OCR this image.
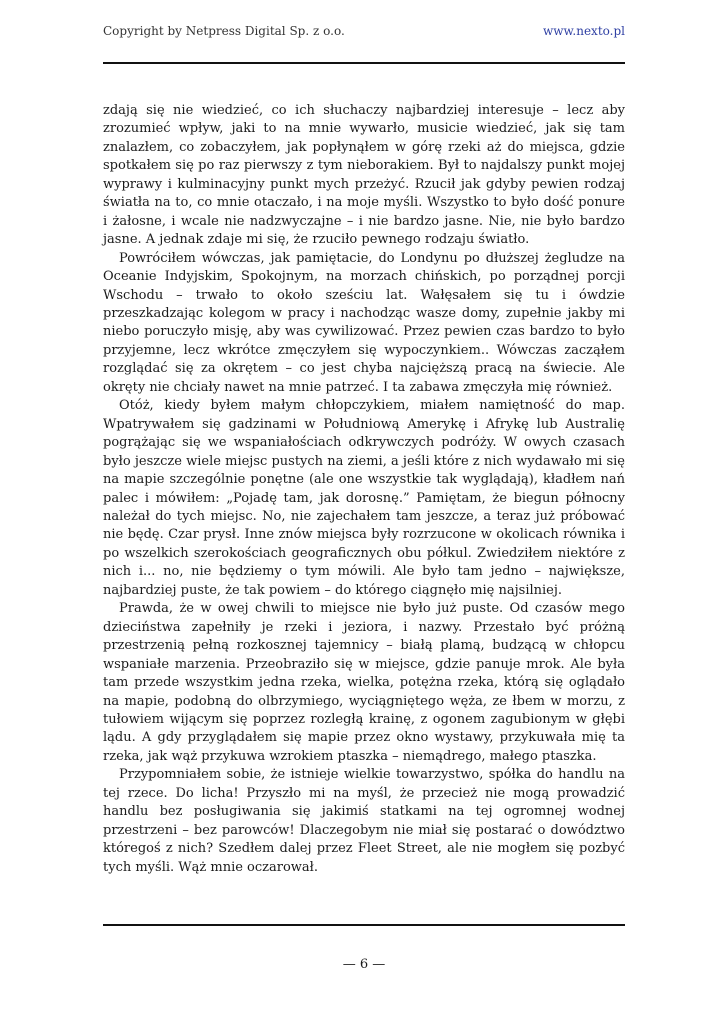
Copyright by Netpress Digital Sp. z o.o.	www.nexto.pl

zdają się nie wiedzieć, co ich słuchaczy najbardziej interesuje – lecz aby zrozumieć wpływ, jaki to na mnie wywarło, musicie wiedzieć, jak się tam znalazłem, co zobaczyłem, jak popłynąłem w górę rzeki aż do miejsca, gdzie spotkałem się po raz pierwszy z tym nieborakiem. Był to najdalszy punkt mojej wyprawy i kulminacyjny punkt mych przeżyć. Rzucił jak gdyby pewien rodzaj światła na to, co mnie otaczało, i na moje myśli. Wszystko to było dość ponure i żałosne, i wcale nie nadzwyczajne – i nie bardzo jasne. Nie, nie było bardzo jasne. A jednak zdaje mi się, że rzuciło pewnego rodzaju światło.

Powróciłem wówczas, jak pamiętacie, do Londynu po dłuższej żegludze na Oceanie Indyjskim, Spokojnym, na morzach chińskich, po porządnej porcji Wschodu – trwało to około sześciu lat. Wałęsałem się tu i ówdzie przeszkadzając kolegom w pracy i nachodząc wasze domy, zupełnie jakby mi niebo poruczyło misję, aby was cywilizować. Przez pewien czas bardzo to było przyjemne, lecz wkrótce zmęczyłem się wypoczynkiem.. Wówczas zacząłem rozglądać się za okrętem – co jest chyba najcięższą pracą na świecie. Ale okręty nie chciały nawet na mnie patrzeć. I ta zabawa zmęczyła mię również.

Otóż, kiedy byłem małym chłopczykiem, miałem namiętność do map. Wpatrywałem się gadzinami w Południową Amerykę i Afrykę lub Australię pogrążając się we wspaniałościach odkrywczych podróży. W owych czasach było jeszcze wiele miejsc pustych na ziemi, a jeśli które z nich wydawało mi się na mapie szczególnie ponętne (ale one wszystkie tak wyglądają), kładłem nań palec i mówiłem: „Pojadę tam, jak dorosnę.” Pamiętam, że biegun północny należał do tych miejsc. No, nie zajechałem tam jeszcze, a teraz już próbować nie będę. Czar prysł. Inne znów miejsca były rozrzucone w okolicach równika i po wszelkich szerokościach geograficznych obu półkul. Zwiedziłem niektóre z nich i... no, nie będziemy o tym mówili. Ale było tam jedno – największe, najbardziej puste, że tak powiem – do którego ciągnęło mię najsilniej.

Prawda, że w owej chwili to miejsce nie było już puste. Od czasów mego dzieciństwa zapełniły je rzeki i jeziora, i nazwy. Przestało być próżną przestrzenią pełną rozkosznej tajemnicy – białą plamą, budzącą w chłopcu wspaniałe marzenia. Przeobraziło się w miejsce, gdzie panuje mrok. Ale była tam przede wszystkim jedna rzeka, wielka, potężna rzeka, którą się oglądało na mapie, podobną do olbrzymiego, wyciągniętego węża, ze łbem w morzu, z tułowiem wijącym się poprzez rozległą krainę, z ogonem zagubionym w głębi lądu. A gdy przyglądałem się mapie przez okno wystawy, przykuwała mię ta rzeka, jak wąż przykuwa wzrokiem ptaszka – niemądrego, małego ptaszka.

Przypomniałem sobie, że istnieje wielkie towarzystwo, spółka do handlu na tej rzece. Do licha! Przyszło mi na myśl, że przecież nie mogą prowadzić handlu bez posługiwania się jakimiś statkami na tej ogromnej wodnej przestrzeni – bez parowców! Dlaczegobym nie miał się postarać o dowództwo któregoś z nich? Szedłem dalej przez Fleet Street, ale nie mogłem się pozbyć tych myśli. Wąż mnie oczarował.

— 6 —
